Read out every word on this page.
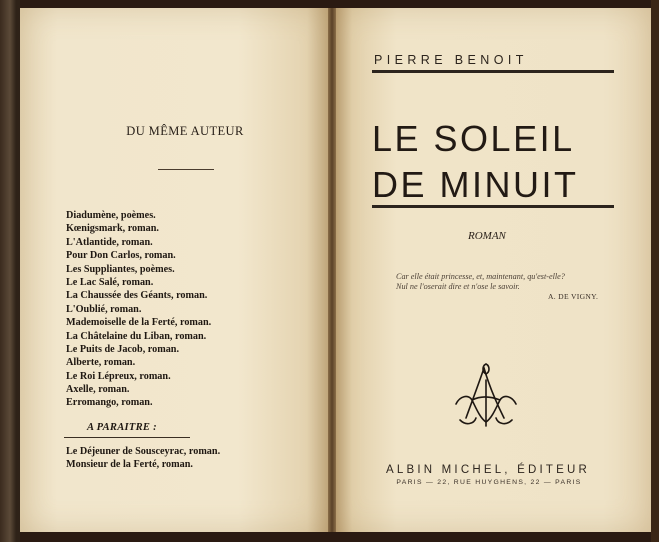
DU MÊME AUTEUR
Diadumène, poèmes.
Kœnigsmark, roman.
L'Atlantide, roman.
Pour Don Carlos, roman.
Les Suppliantes, poèmes.
Le Lac Salé, roman.
La Chaussée des Géants, roman.
L'Oublié, roman.
Mademoiselle de la Ferté, roman.
La Châtelaine du Liban, roman.
Le Puits de Jacob, roman.
Alberte, roman.
Le Roi Lépreux, roman.
Axelle, roman.
Erromango, roman.
A PARAITRE :
Le Déjeuner de Sousceyrac, roman.
Monsieur de la Ferté, roman.
PIERRE BENOIT
LE SOLEIL
DE MINUIT
ROMAN
Car elle était princesse, et, maintenant, qu'est-elle?
Nul ne l'oserait dire et n'ose le savoir.
A. DE VIGNY.
ALBIN MICHEL, ÉDITEUR
PARIS — 22, RUE HUYGHENS, 22 — PARIS
